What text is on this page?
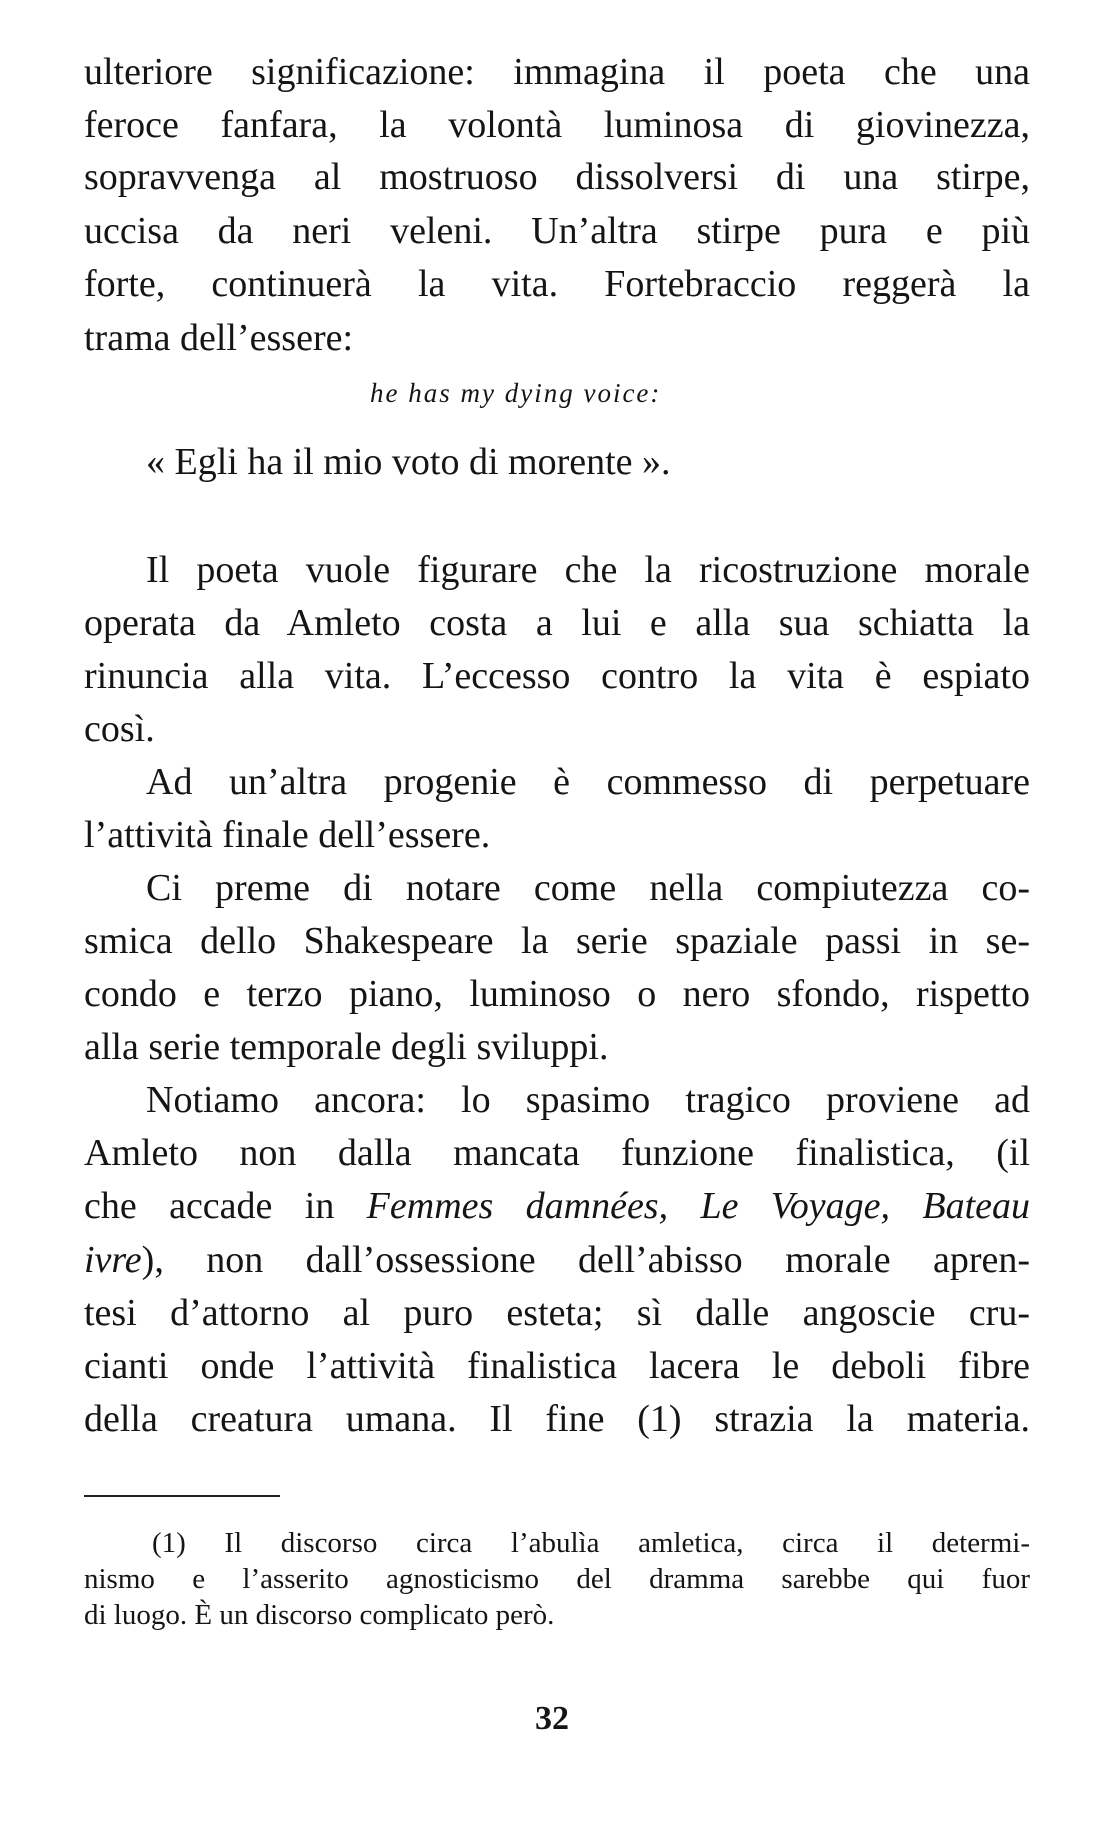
ulteriore significazione: immagina il poeta che una
feroce fanfara, la volontà luminosa di giovinezza,
sopravvenga al mostruoso dissolversi di una stirpe,
uccisa da neri veleni. Un’altra stirpe pura e più
forte, continuerà la vita. Fortebraccio reggerà la
trama dell’essere:
he has my dying voice:
« Egli ha il mio voto di morente ».
Il poeta vuole figurare che la ricostruzione morale
operata da Amleto costa a lui e alla sua schiatta la
rinuncia alla vita. L’eccesso contro la vita è espiato
così.
Ad un’altra progenie è commesso di perpetuare
l’attività finale dell’essere.
Ci preme di notare come nella compiutezza co-
smica dello Shakespeare la serie spaziale passi in se-
condo e terzo piano, luminoso o nero sfondo, rispetto
alla serie temporale degli sviluppi.
Notiamo ancora: lo spasimo tragico proviene ad
Amleto non dalla mancata funzione finalistica, (il
che accade in Femmes damnées, Le Voyage, Bateau
ivre), non dall’ossessione dell’abisso morale apren-
tesi d’attorno al puro esteta; sì dalle angoscie cru-
cianti onde l’attività finalistica lacera le deboli fibre
della creatura umana. Il fine (1) strazia la materia.
(1) Il discorso circa l’abulìa amletica, circa il determi-
nismo e l’asserito agnosticismo del dramma sarebbe qui fuor
di luogo. È un discorso complicato però.
32
